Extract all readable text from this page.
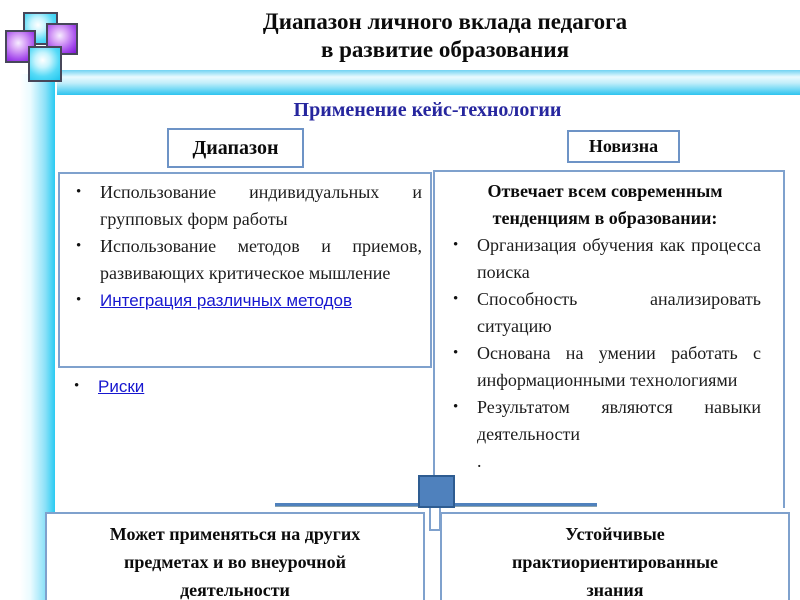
Диапазон личного вклада педагога
в развитие образования
Применение кейс-технологии
Диапазон	Новизна
•	Использование индивидуальных и групповых форм работы
•	Использование методов и приемов, развивающих критическое мышление
•	Интеграция различных методов
•	Риски
Отвечает всем современным тенденциям в образовании:
•	Организация обучения как процесса поиска
•	Способность анализировать ситуацию
•	Основана на умении работать с информационными технологиями
•	Результатом являются навыки деятельности
.
Может применяться на других предметах и во внеурочной деятельности
Устойчивые практиориентированные знания
